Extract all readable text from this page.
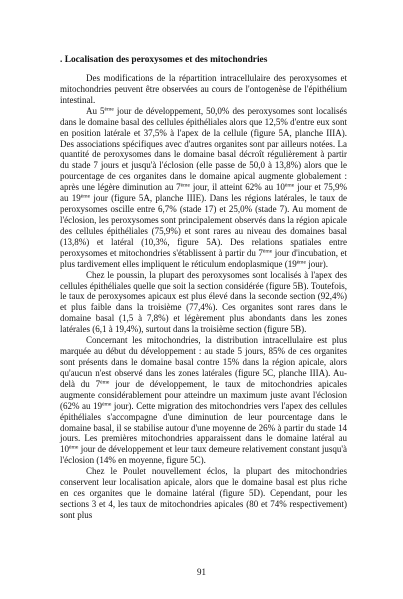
. Localisation des peroxysomes et des mitochondries

Des modifications de la répartition intracellulaire des peroxysomes et mitochondries peuvent être observées au cours de l'ontogenèse de l'épithélium intestinal.

Au 5ème jour de développement, 50,0% des peroxysomes sont localisés dans le domaine basal des cellules épithéliales alors que 12,5% d'entre eux sont en position latérale et 37,5% à l'apex de la cellule (figure 5A, planche IIIA). Des associations spécifiques avec d'autres organites sont par ailleurs notées. La quantité de peroxysomes dans le domaine basal décroît régulièrement à partir du stade 7 jours et jusqu'à l'éclosion (elle passe de 50,0 à 13,8%) alors que le pourcentage de ces organites dans le domaine apical augmente globalement : après une légère diminution au 7ème jour, il atteint 62% au 10ème jour et 75,9% au 19ème jour (figure 5A, planche IIIE). Dans les régions latérales, le taux de peroxysomes oscille entre 6,7% (stade 17) et 25,0% (stade 7). Au moment de l'éclosion, les peroxysomes sont principalement observés dans la région apicale des cellules épithéliales (75,9%) et sont rares au niveau des domaines basal (13,8%) et latéral (10,3%, figure 5A). Des relations spatiales entre peroxysomes et mitochondries s'établissent à partir du 7ème jour d'incubation, et plus tardivement elles impliquent le réticulum endoplasmique (19ème jour).

Chez le poussin, la plupart des peroxysomes sont localisés à l'apex des cellules épithéliales quelle que soit la section considérée (figure 5B). Toutefois, le taux de peroxysomes apicaux est plus élevé dans la seconde section (92,4%) et plus faible dans la troisième (77,4%). Ces organites sont rares dans le domaine basal (1,5 à 7,8%) et légèrement plus abondants dans les zones latérales (6,1 à 19,4%), surtout dans la troisième section (figure 5B).

Concernant les mitochondries, la distribution intracellulaire est plus marquée au début du développement : au stade 5 jours, 85% de ces organites sont présents dans le domaine basal contre 15% dans la région apicale, alors qu'aucun n'est observé dans les zones latérales (figure 5C, planche IIIA). Au-delà du 7ème jour de développement, le taux de mitochondries apicales augmente considérablement pour atteindre un maximum juste avant l'éclosion (62% au 19ème jour). Cette migration des mitochondries vers l'apex des cellules épithéliales s'accompagne d'une diminution de leur pourcentage dans le domaine basal, il se stabilise autour d'une moyenne de 26% à partir du stade 14 jours. Les premières mitochondries apparaissent dans le domaine latéral au 10ème jour de développement et leur taux demeure relativement constant jusqu'à l'éclosion (14% en moyenne, figure 5C).

Chez le Poulet nouvellement éclos, la plupart des mitochondries conservent leur localisation apicale, alors que le domaine basal est plus riche en ces organites que le domaine latéral (figure 5D). Cependant, pour les sections 3 et 4, les taux de mitochondries apicales (80 et 74% respectivement) sont plus

91
